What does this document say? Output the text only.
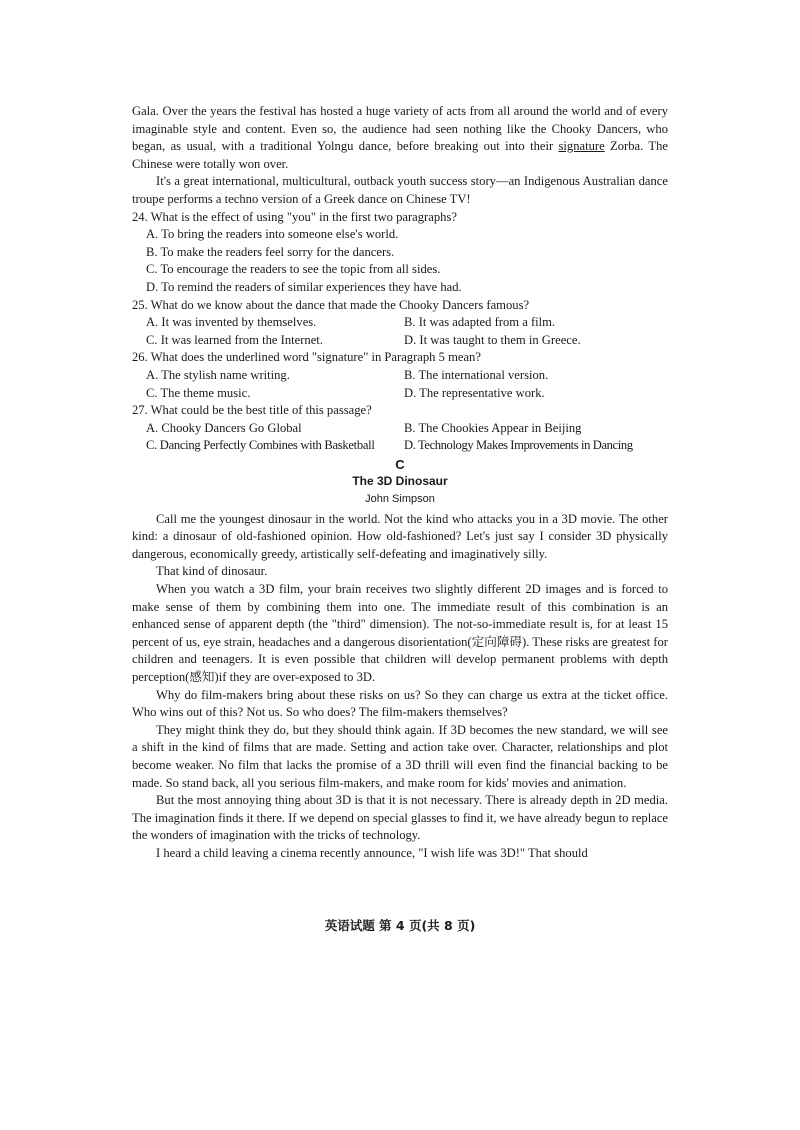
Gala. Over the years the festival has hosted a huge variety of acts from all around the world and of every imaginable style and content. Even so, the audience had seen nothing like the Chooky Dancers, who began, as usual, with a traditional Yolngu dance, before breaking out into their signature Zorba. The Chinese were totally won over.

It's a great international, multicultural, outback youth success story—an Indigenous Australian dance troupe performs a techno version of a Greek dance on Chinese TV!

24. What is the effect of using "you" in the first two paragraphs?

A. To bring the readers into someone else's world.

B. To make the readers feel sorry for the dancers.

C. To encourage the readers to see the topic from all sides.

D. To remind the readers of similar experiences they have had.

25. What do we know about the dance that made the Chooky Dancers famous?

A. It was invented by themselves.	B. It was adapted from a film.
C. It was learned from the Internet.	D. It was taught to them in Greece.

26. What does the underlined word "signature" in Paragraph 5 mean?

A. The stylish name writing.	B. The international version.
C. The theme music.	D. The representative work.

27. What could be the best title of this passage?

A. Chooky Dancers Go Global	B. The Chookies Appear in Beijing
C. Dancing Perfectly Combines with Basketball	D. Technology Makes Improvements in Dancing

C

The 3D Dinosaur

John Simpson

Call me the youngest dinosaur in the world. Not the kind who attacks you in a 3D movie. The other kind: a dinosaur of old-fashioned opinion. How old-fashioned? Let's just say I consider 3D physically dangerous, economically greedy, artistically self-defeating and imaginatively silly.

That kind of dinosaur.

When you watch a 3D film, your brain receives two slightly different 2D images and is forced to make sense of them by combining them into one. The immediate result of this combination is an enhanced sense of apparent depth (the "third" dimension). The not-so-immediate result is, for at least 15 percent of us, eye strain, headaches and a dangerous disorientation(定向障碍). These risks are greatest for children and teenagers. It is even possible that children will develop permanent problems with depth perception(感知)if they are over-exposed to 3D.

Why do film-makers bring about these risks on us? So they can charge us extra at the ticket office. Who wins out of this? Not us. So who does? The film-makers themselves?

They might think they do, but they should think again. If 3D becomes the new standard, we will see a shift in the kind of films that are made. Setting and action take over. Character, relationships and plot become weaker. No film that lacks the promise of a 3D thrill will even find the financial backing to be made. So stand back, all you serious film-makers, and make room for kids' movies and animation.

But the most annoying thing about 3D is that it is not necessary. There is already depth in 2D media. The imagination finds it there. If we depend on special glasses to find it, we have already begun to replace the wonders of imagination with the tricks of technology.

I heard a child leaving a cinema recently announce, "I wish life was 3D!" That should

英语试题 第 4 页(共 8 页)
